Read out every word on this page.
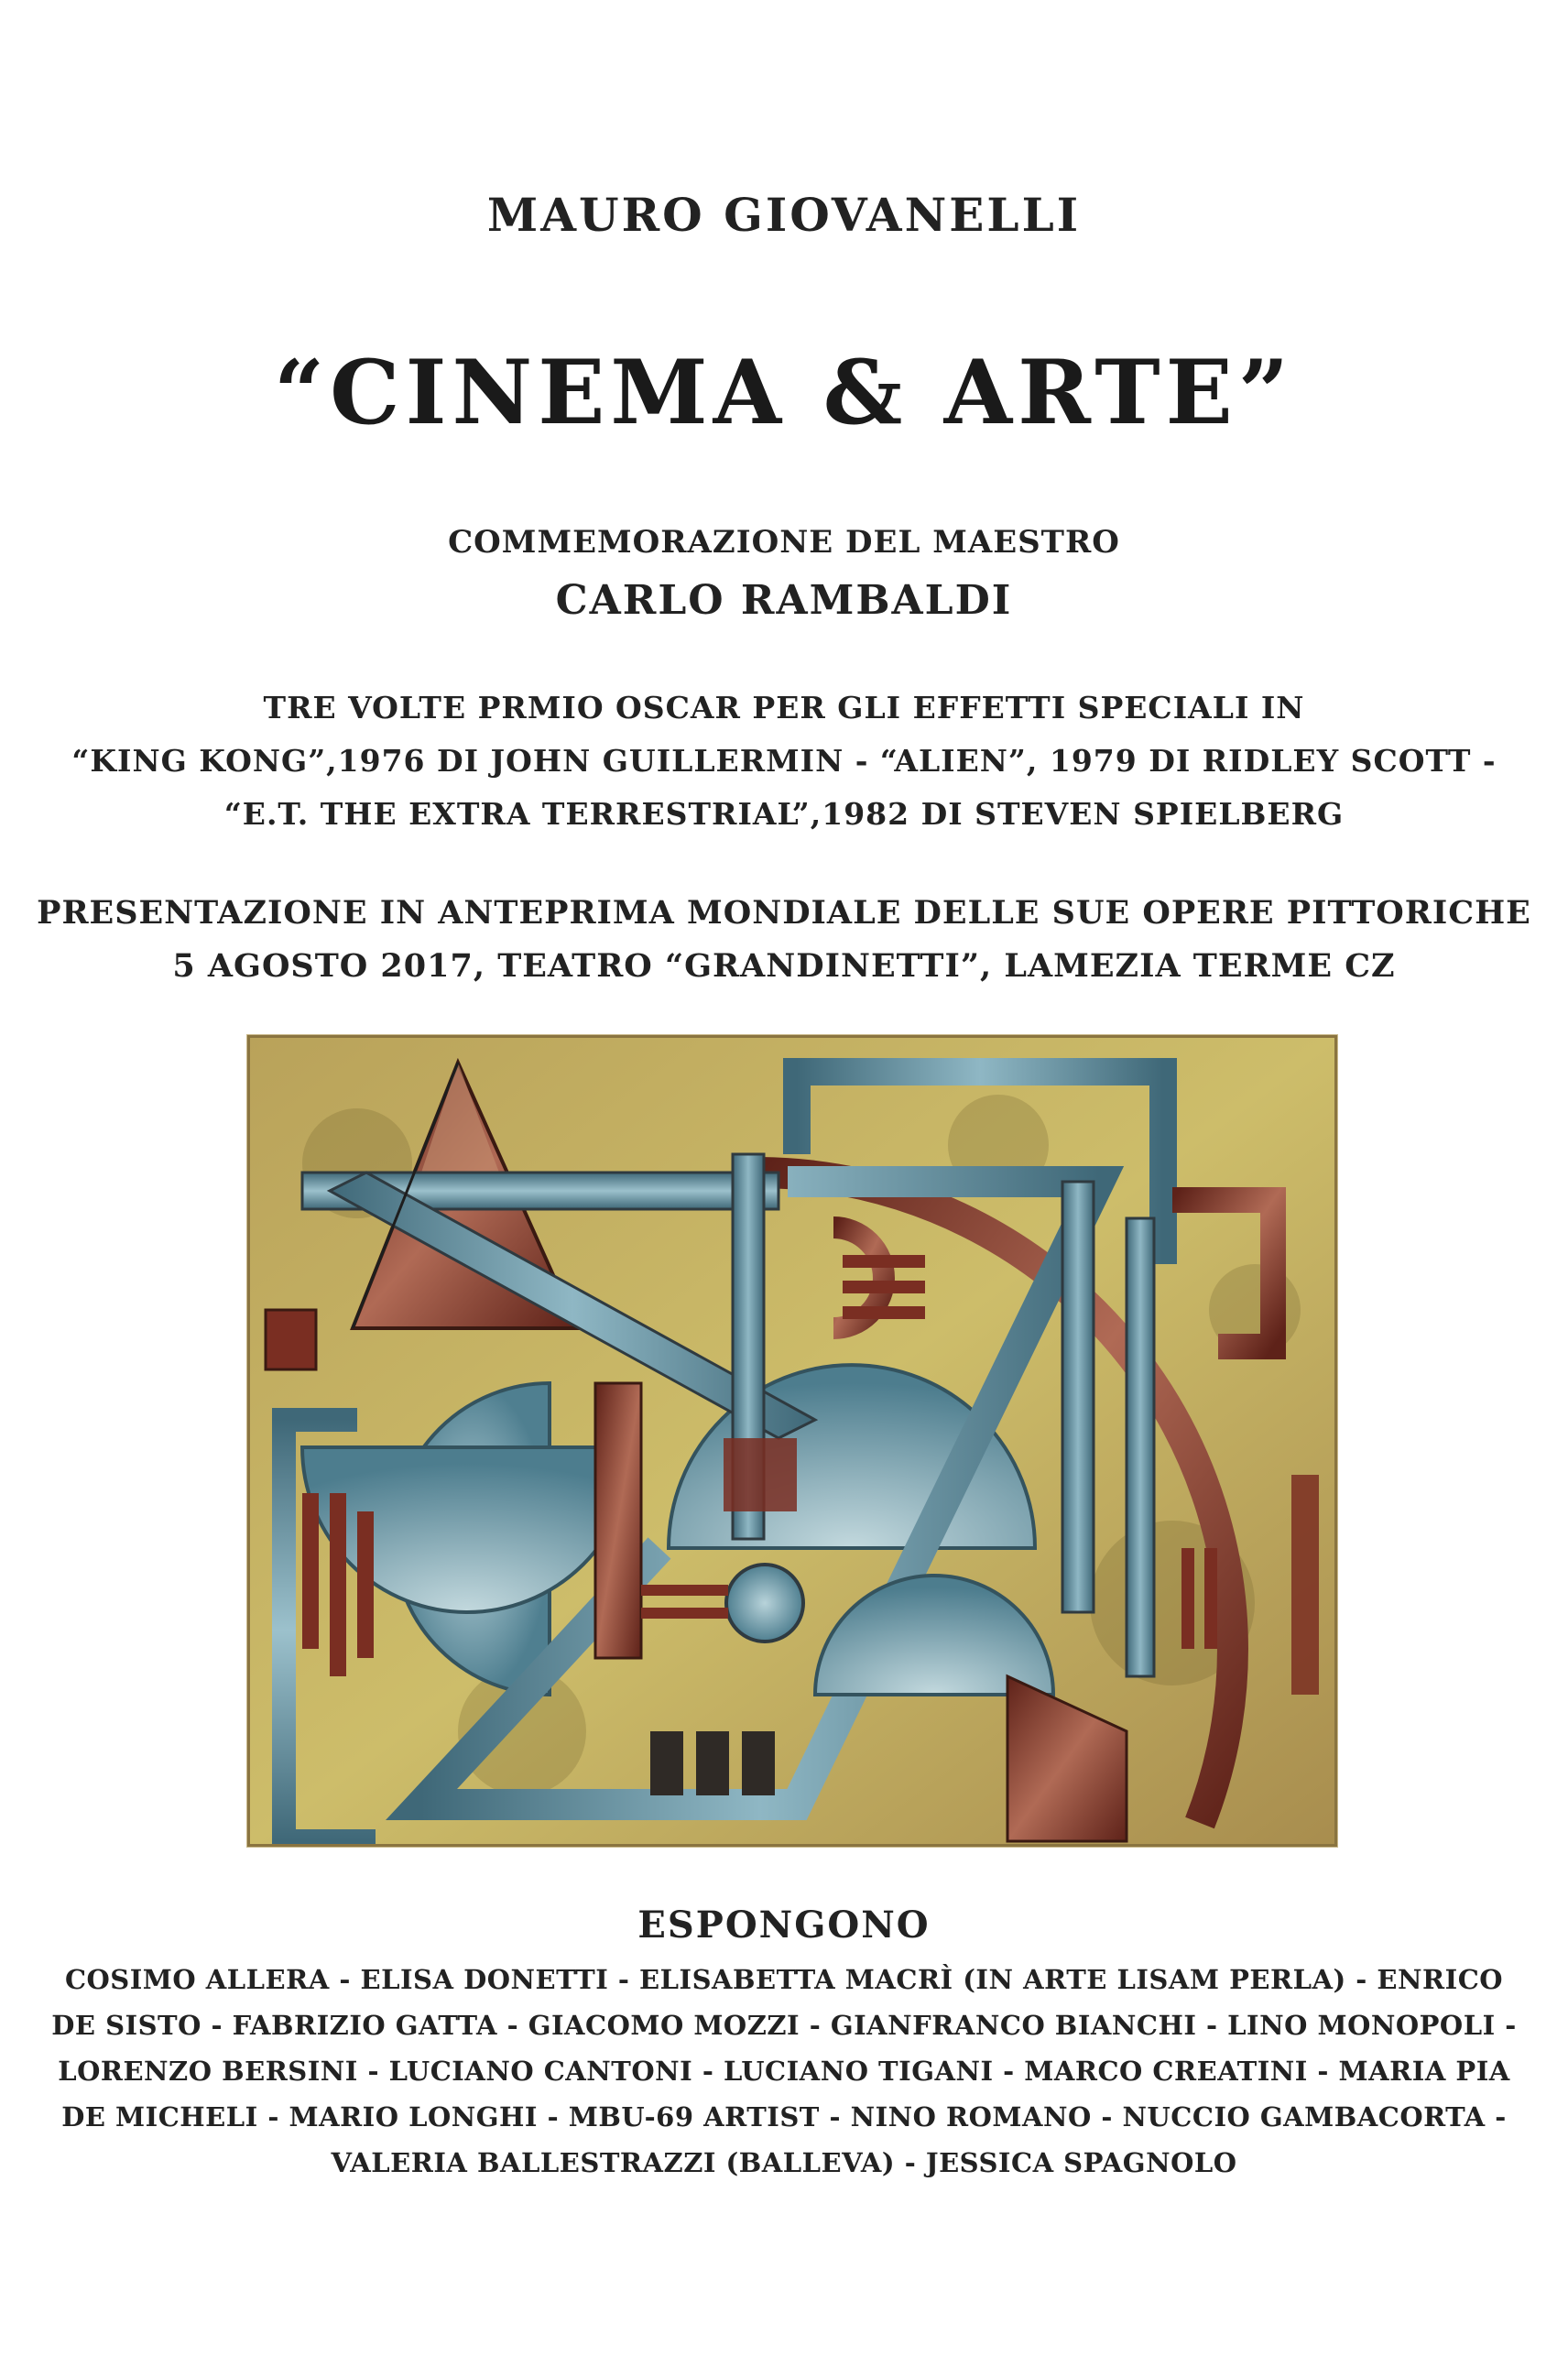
MAURO GIOVANELLI
“CINEMA & ARTE”
COMMEMORAZIONE DEL MAESTRO
CARLO RAMBALDI
TRE VOLTE PRMIO OSCAR PER GLI EFFETTI SPECIALI IN
“KING KONG”,1976 DI JOHN GUILLERMIN - “ALIEN”, 1979 DI RIDLEY SCOTT -
“E.T. THE EXTRA TERRESTRIAL”,1982 DI STEVEN SPIELBERG
PRESENTAZIONE IN ANTEPRIMA MONDIALE DELLE SUE OPERE PITTORICHE
5 AGOSTO 2017, TEATRO “GRANDINETTI”, LAMEZIA TERME CZ
ESPONGONO
COSIMO ALLERA - ELISA DONETTI - ELISABETTA MACRÌ (IN ARTE LISAM PERLA) - ENRICO
DE SISTO - FABRIZIO GATTA - GIACOMO MOZZI - GIANFRANCO BIANCHI - LINO MONOPOLI -
LORENZO BERSINI - LUCIANO CANTONI - LUCIANO TIGANI - MARCO CREATINI - MARIA PIA
DE MICHELI - MARIO LONGHI - MBU-69 ARTIST - NINO ROMANO - NUCCIO GAMBACORTA -
VALERIA BALLESTRAZZI (BALLEVA) - JESSICA SPAGNOLO
